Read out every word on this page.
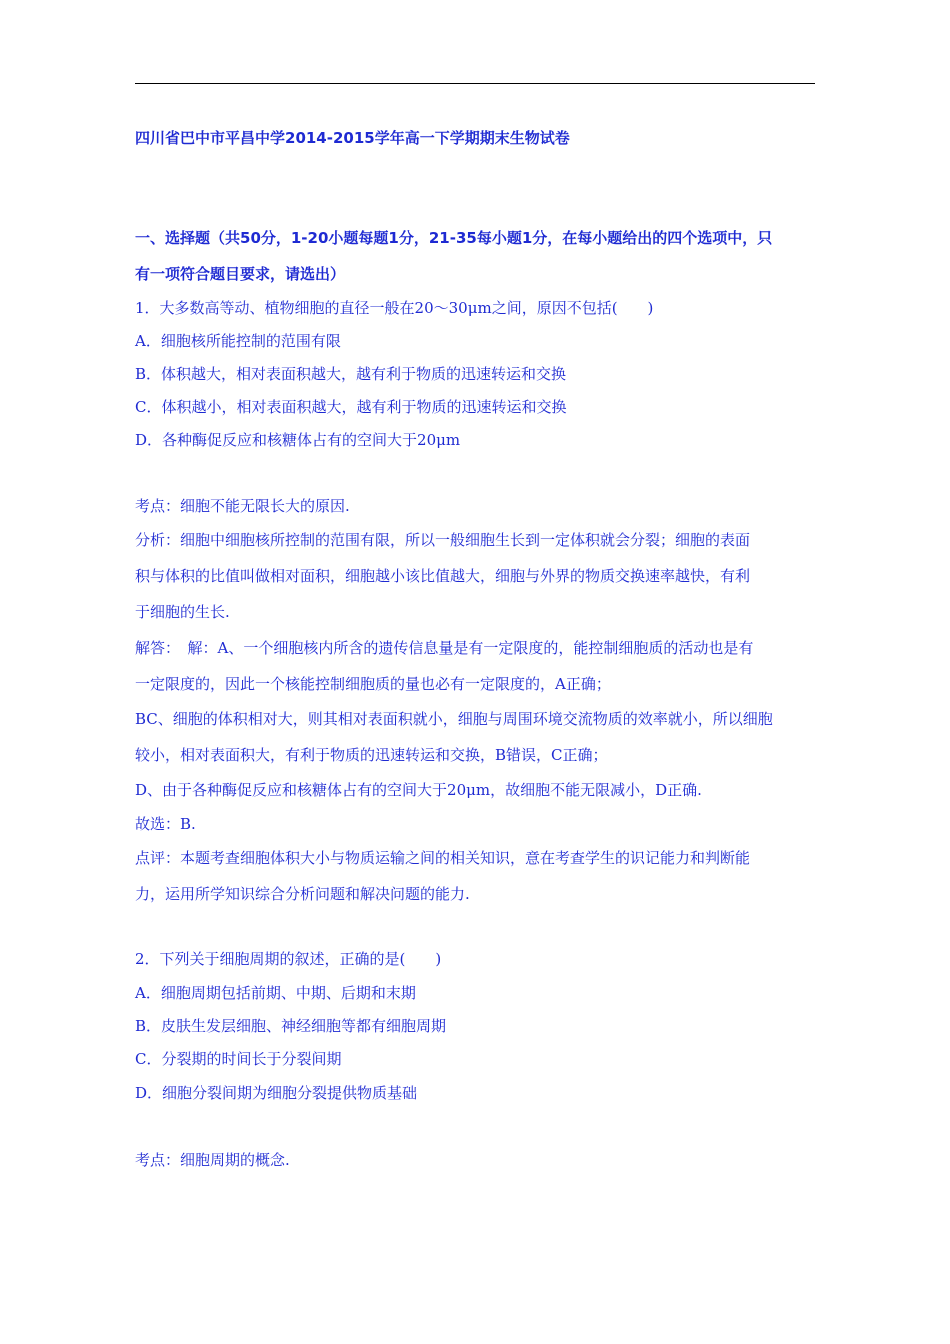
四川省巴中市平昌中学2014-2015学年高一下学期期末生物试卷
一、选择题（共50分，1-20小题每题1分，21-35每小题1分，在每小题给出的四个选项中，只
有一项符合题目要求，请选出）
1．大多数高等动、植物细胞的直径一般在20～30μm之间，原因不包括(　　)
A．细胞核所能控制的范围有限
B．体积越大，相对表面积越大，越有利于物质的迅速转运和交换
C．体积越小，相对表面积越大，越有利于物质的迅速转运和交换
D．各种酶促反应和核糖体占有的空间大于20μm
考点：细胞不能无限长大的原因.
分析：细胞中细胞核所控制的范围有限，所以一般细胞生长到一定体积就会分裂；细胞的表面
积与体积的比值叫做相对面积，细胞越小该比值越大，细胞与外界的物质交换速率越快，有利
于细胞的生长.
解答：　解：A、一个细胞核内所含的遗传信息量是有一定限度的，能控制细胞质的活动也是有
一定限度的，因此一个核能控制细胞质的量也必有一定限度的，A正确；
BC、细胞的体积相对大，则其相对表面积就小，细胞与周围环境交流物质的效率就小，所以细胞
较小，相对表面积大，有利于物质的迅速转运和交换，B错误，C正确；
D、由于各种酶促反应和核糖体占有的空间大于20μm，故细胞不能无限减小，D正确.
故选：B.
点评：本题考查细胞体积大小与物质运输之间的相关知识，意在考查学生的识记能力和判断能
力，运用所学知识综合分析问题和解决问题的能力.
2．下列关于细胞周期的叙述，正确的是(　　)
A．细胞周期包括前期、中期、后期和末期
B．皮肤生发层细胞、神经细胞等都有细胞周期
C．分裂期的时间长于分裂间期
D．细胞分裂间期为细胞分裂提供物质基础
考点：细胞周期的概念.
